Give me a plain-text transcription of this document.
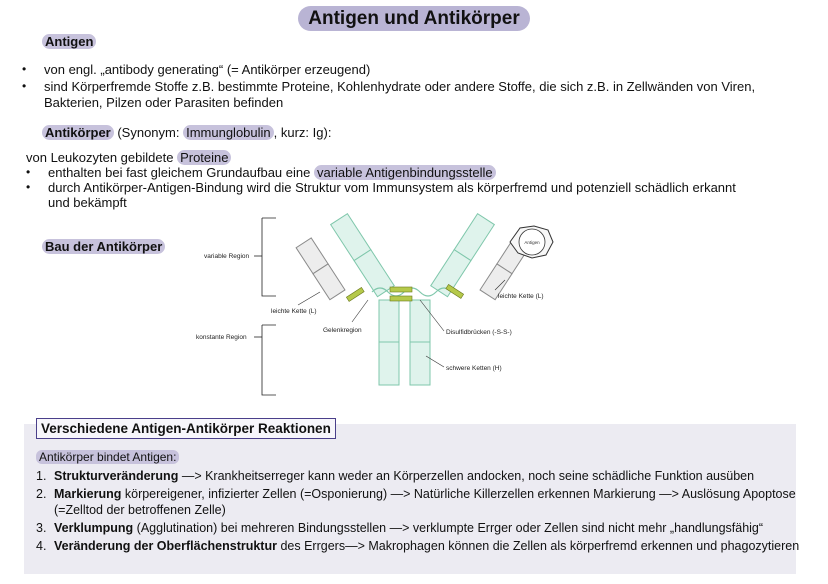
Antigen und Antikörper
Antigen
• von engl. „antibody generating“ (= Antikörper erzeugend)
• sind Körperfremde Stoffe z.B. bestimmte Proteine, Kohlenhydrate oder andere Stoffe, die sich z.B. in Zellwänden von Viren,
Bakterien, Pilzen oder Parasiten befinden
Antikörper (Synonym: Immunglobulin , kurz: Ig):
von Leukozyten gebildete Proteine
• enthalten bei fast gleichem Grundaufbau eine variable Antigenbindungsstelle
• durch Antikörper-Antigen-Bindung wird die Struktur vom Immunsystem als körperfremd und potenziell schädlich erkannt
und bekämpft
Bau der Antikörper	Antigen
variable Region
konstante Region
leichte Kette (L)
leichte Kette (L)
Gelenkregion	Disulfidbrücken (-S-S-)
schwere Ketten (H)
Verschiedene Antigen-Antikörper Reaktionen
Antikörper bindet Antigen:
1. Strukturveränderung —> Krankheitserreger kann weder an Körperzellen andocken, noch seine schädliche Funktion ausüben
2. Markierung körpereigener, infizierter Zellen (=Osponierung) —> Natürliche Killerzellen erkennen Markierung —> Auslösung Apoptose
(=Zelltod der betroffenen Zelle)
3. Verklumpung (Agglutination) bei mehreren Bindungsstellen —> verklumpte Errger oder Zellen sind nicht mehr „handlungsfähig“
4. Veränderung der Oberflächenstruktur des Errgers—> Makrophagen können die Zellen als körperfremd erkennen und phagozytieren
